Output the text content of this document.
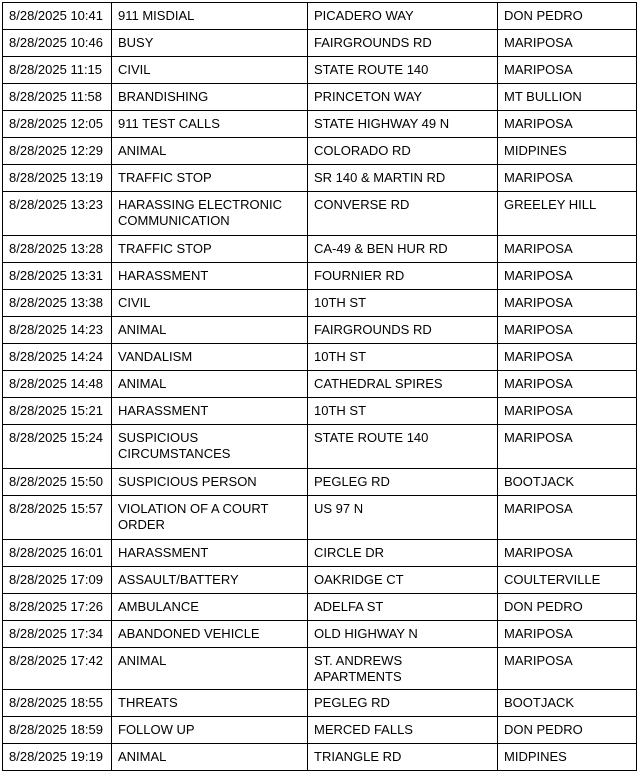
8/28/2025 10:41	911 MISDIAL	PICADERO WAY	DON PEDRO
8/28/2025 10:46	BUSY	FAIRGROUNDS RD	MARIPOSA
8/28/2025 11:15	CIVIL	STATE ROUTE 140	MARIPOSA
8/28/2025 11:58	BRANDISHING	PRINCETON WAY	MT BULLION
8/28/2025 12:05	911 TEST CALLS	STATE HIGHWAY 49 N	MARIPOSA
8/28/2025 12:29	ANIMAL	COLORADO RD	MIDPINES
8/28/2025 13:19	TRAFFIC STOP	SR 140 & MARTIN RD	MARIPOSA
8/28/2025 13:23	HARASSING ELECTRONIC COMMUNICATION	CONVERSE RD	GREELEY HILL
8/28/2025 13:28	TRAFFIC STOP	CA-49 & BEN HUR RD	MARIPOSA
8/28/2025 13:31	HARASSMENT	FOURNIER RD	MARIPOSA
8/28/2025 13:38	CIVIL	10TH ST	MARIPOSA
8/28/2025 14:23	ANIMAL	FAIRGROUNDS RD	MARIPOSA
8/28/2025 14:24	VANDALISM	10TH ST	MARIPOSA
8/28/2025 14:48	ANIMAL	CATHEDRAL SPIRES	MARIPOSA
8/28/2025 15:21	HARASSMENT	10TH ST	MARIPOSA
8/28/2025 15:24	SUSPICIOUS CIRCUMSTANCES	STATE ROUTE 140	MARIPOSA
8/28/2025 15:50	SUSPICIOUS PERSON	PEGLEG RD	BOOTJACK
8/28/2025 15:57	VIOLATION OF A COURT ORDER	US 97 N	MARIPOSA
8/28/2025 16:01	HARASSMENT	CIRCLE DR	MARIPOSA
8/28/2025 17:09	ASSAULT/BATTERY	OAKRIDGE CT	COULTERVILLE
8/28/2025 17:26	AMBULANCE	ADELFA ST	DON PEDRO
8/28/2025 17:34	ABANDONED VEHICLE	OLD HIGHWAY N	MARIPOSA
8/28/2025 17:42	ANIMAL	ST. ANDREWS APARTMENTS	MARIPOSA
8/28/2025 18:55	THREATS	PEGLEG RD	BOOTJACK
8/28/2025 18:59	FOLLOW UP	MERCED FALLS	DON PEDRO
8/28/2025 19:19	ANIMAL	TRIANGLE RD	MIDPINES
